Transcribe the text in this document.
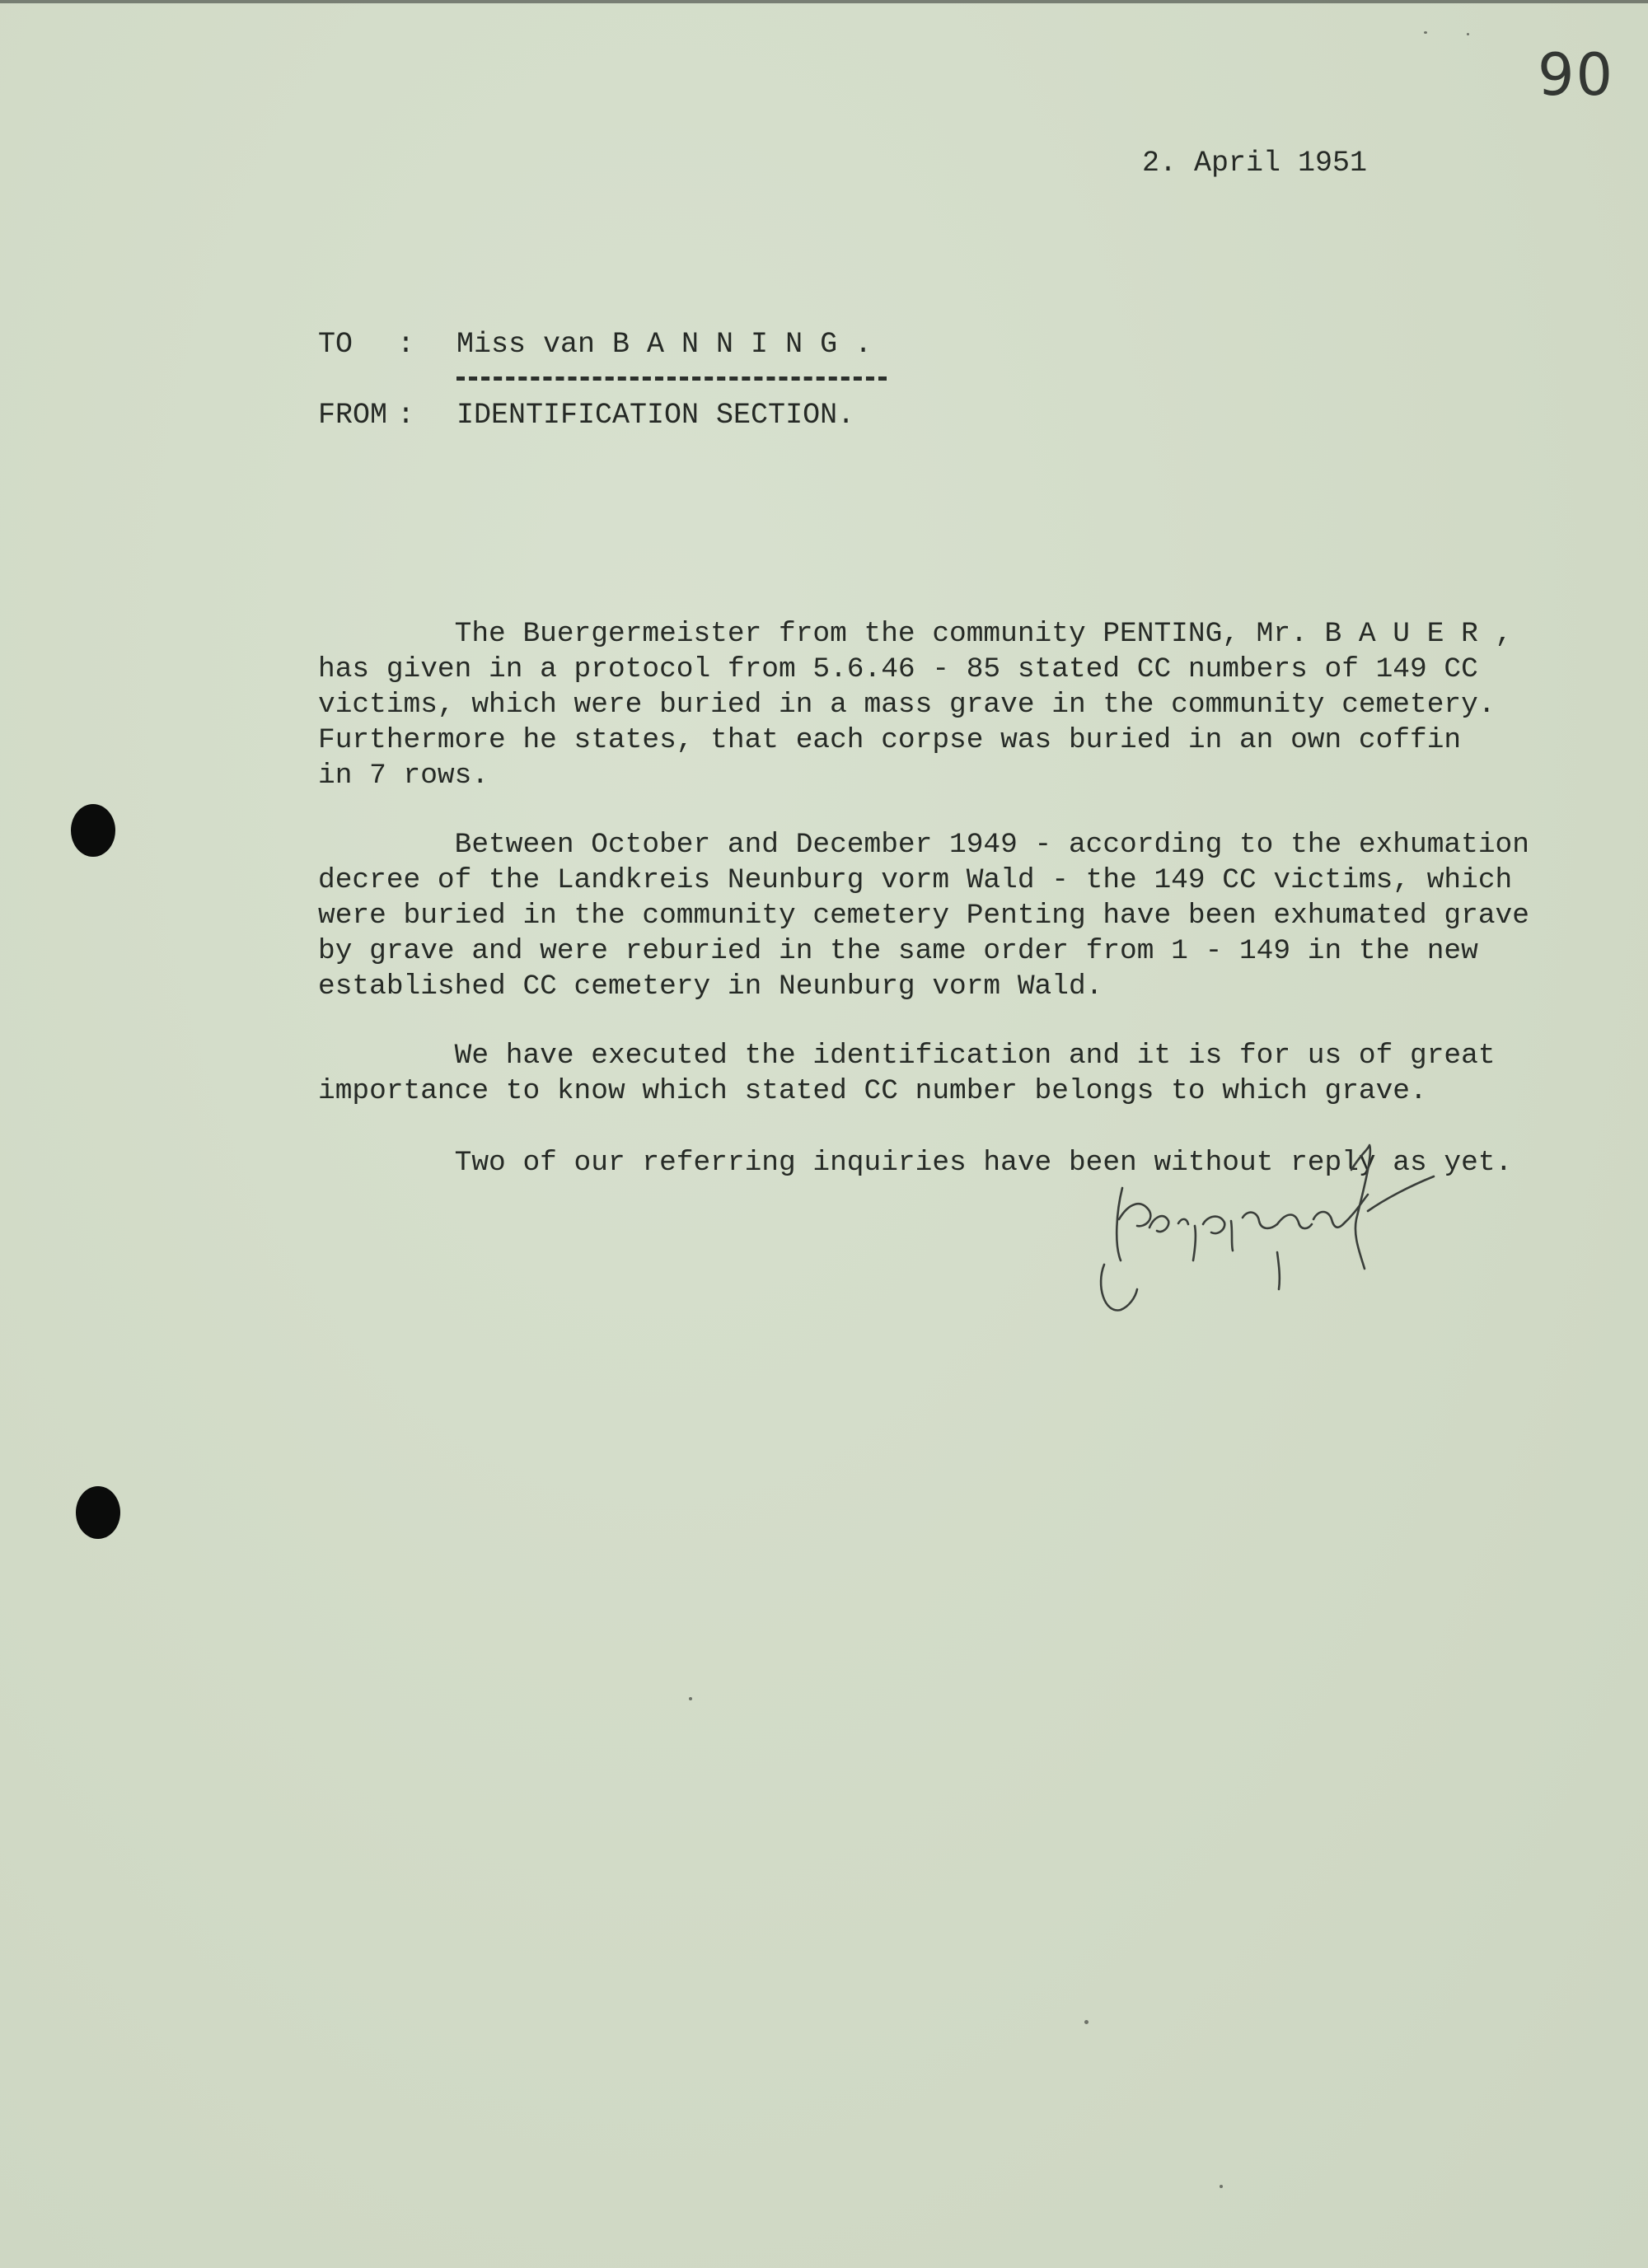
90
2. April 1951
TO : Miss van B A N N I N G .
FROM : IDENTIFICATION SECTION.
The Buergermeister from the community PENTING, Mr. B A U E R ,
has given in a protocol from 5.6.46 - 85 stated CC numbers of 149 CC
victims, which were buried in a mass grave in the community cemetery.
Furthermore he states, that each corpse was buried in an own coffin
in 7 rows.
Between October and December 1949 - according to the exhumation
decree of the Landkreis Neunburg vorm Wald - the 149 CC victims, which
were buried in the community cemetery Penting have been exhumated grave
by grave and were reburied in the same order from 1 - 149 in the new
established CC cemetery in Neunburg vorm Wald.
We have executed the identification and it is for us of great
importance to know which stated CC number belongs to which grave.
Two of our referring inquiries have been without reply as yet.
